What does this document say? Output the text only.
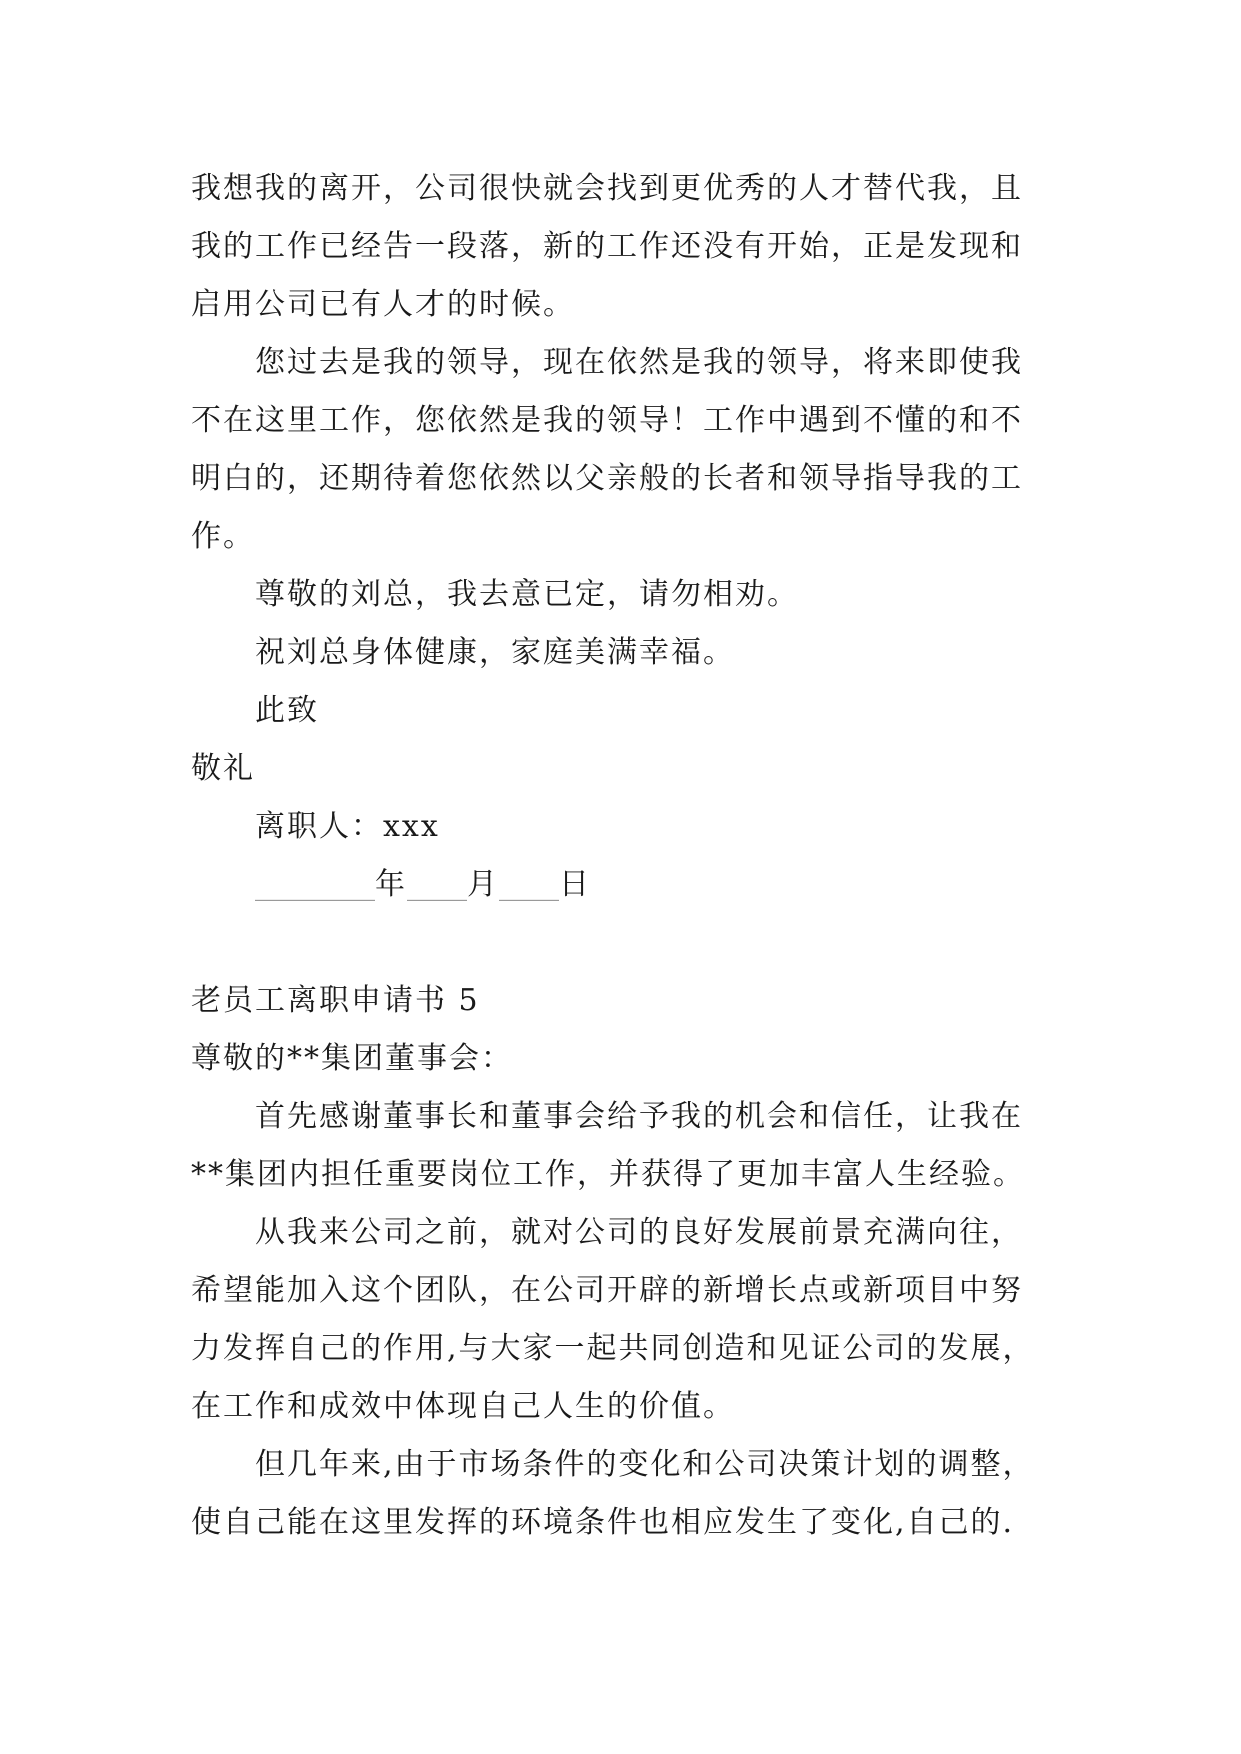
我想我的离开，公司很快就会找到更优秀的人才替代我，且
我的工作已经告一段落，新的工作还没有开始，正是发现和
启用公司已有人才的时候。
您过去是我的领导，现在依然是我的领导，将来即使我
不在这里工作，您依然是我的领导！工作中遇到不懂的和不
明白的，还期待着您依然以父亲般的长者和领导指导我的工
作。
尊敬的刘总，我去意已定，请勿相劝。
祝刘总身体健康，家庭美满幸福。
此致
敬礼
离职人：xxx
________年____月____日
老员工离职申请书 5
尊敬的**集团董事会：
首先感谢董事长和董事会给予我的机会和信任，让我在
**集团内担任重要岗位工作，并获得了更加丰富人生经验。
从我来公司之前，就对公司的良好发展前景充满向往，
希望能加入这个团队，在公司开辟的新增长点或新项目中努
力发挥自己的作用,与大家一起共同创造和见证公司的发展，
在工作和成效中体现自己人生的价值。
但几年来,由于市场条件的变化和公司决策计划的调整，
使自己能在这里发挥的环境条件也相应发生了变化,自己的.
